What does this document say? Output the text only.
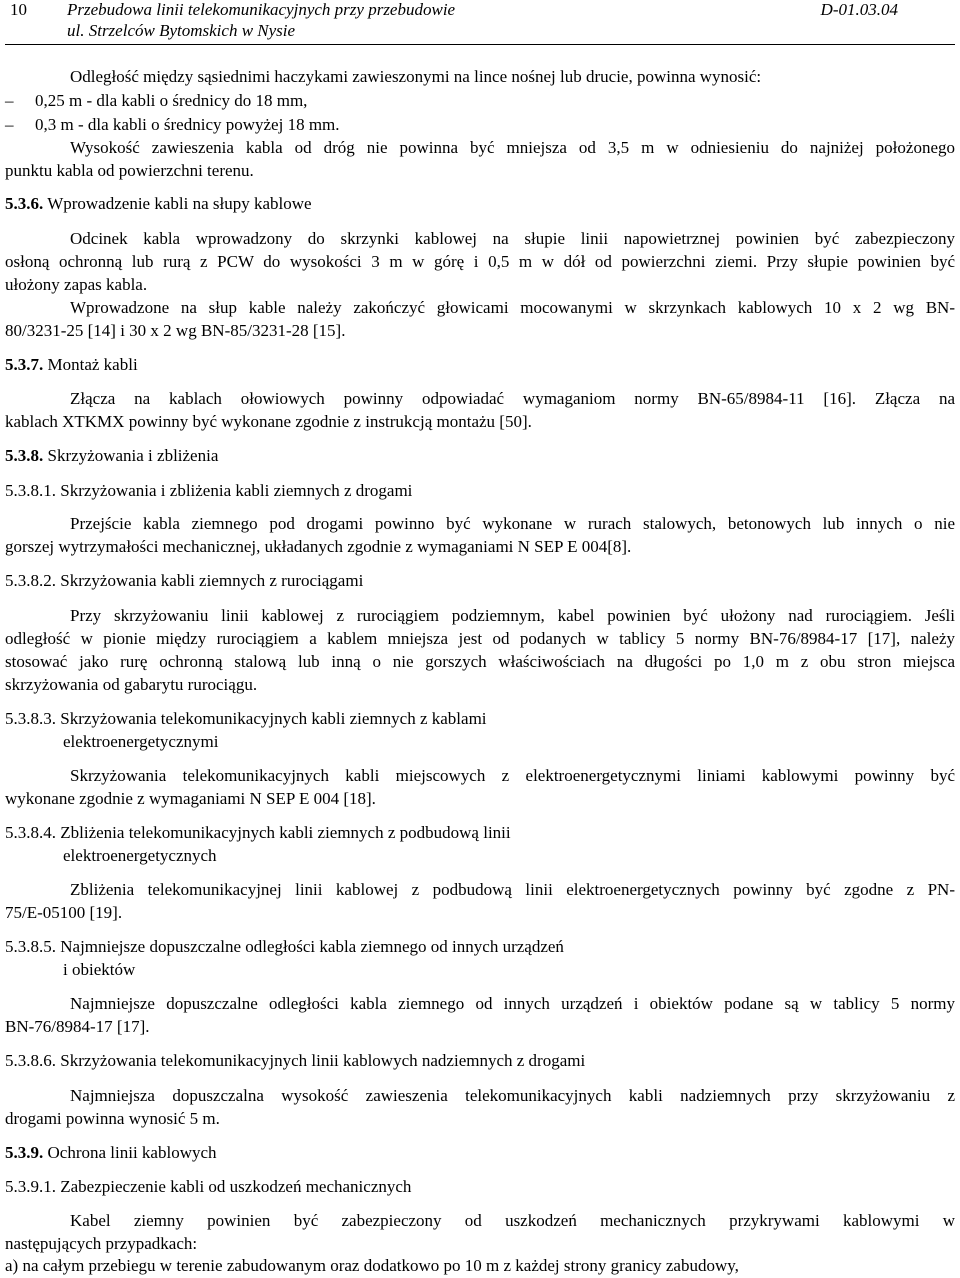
10 Przebudowa linii telekomunikacyjnych przy przebudowie
ul. Strzelców Bytomskich w Nysie
D-01.03.04
Odległość między sąsiednimi haczykami zawieszonymi na lince nośnej lub drucie, powinna wynosić:
–	0,25 m - dla kabli o średnicy do 18 mm,
–	0,3 m - dla kabli o średnicy powyżej 18 mm.
Wysokość zawieszenia kabla od dróg nie powinna być mniejsza od 3,5 m w odniesieniu do najniżej położonego
punktu kabla od powierzchni terenu.
5.3.6. Wprowadzenie kabli na słupy kablowe
Odcinek kabla wprowadzony do skrzynki kablowej na słupie linii napowietrznej powinien być zabezpieczony
osłoną ochronną lub rurą z PCW do wysokości 3 m w górę i 0,5 m w dół od powierzchni ziemi. Przy słupie powinien być
ułożony zapas kabla.
Wprowadzone na słup kable należy zakończyć głowicami mocowanymi w skrzynkach kablowych 10 x 2 wg BN-
80/3231-25 [14] i 30 x 2 wg BN-85/3231-28 [15].
5.3.7. Montaż kabli
Złącza na kablach ołowiowych powinny odpowiadać wymaganiom normy BN-65/8984-11 [16]. Złącza na
kablach XTKMX powinny być wykonane zgodnie z instrukcją montażu [50].
5.3.8. Skrzyżowania i zbliżenia
5.3.8.1. Skrzyżowania i zbliżenia kabli ziemnych z drogami
Przejście kabla ziemnego pod drogami powinno być wykonane w rurach stalowych, betonowych lub innych o nie
gorszej wytrzymałości mechanicznej, układanych zgodnie z wymaganiami N SEP E 004[8].
5.3.8.2. Skrzyżowania kabli ziemnych z rurociągami
Przy skrzyżowaniu linii kablowej z rurociągiem podziemnym, kabel powinien być ułożony nad rurociągiem. Jeśli
odległość w pionie między rurociągiem a kablem mniejsza jest od podanych w tablicy 5 normy BN-76/8984-17 [17], należy
stosować jako rurę ochronną stalową lub inną o nie gorszych właściwościach na długości po 1,0 m z obu stron miejsca
skrzyżowania od gabarytu rurociągu.
5.3.8.3. Skrzyżowania telekomunikacyjnych kabli ziemnych z kablami
elektroenergetycznymi
Skrzyżowania telekomunikacyjnych kabli miejscowych z elektroenergetycznymi liniami kablowymi powinny być
wykonane zgodnie z wymaganiami N SEP E 004 [18].
5.3.8.4. Zbliżenia telekomunikacyjnych kabli ziemnych z podbudową linii
elektroenergetycznych
Zbliżenia telekomunikacyjnej linii kablowej z podbudową linii elektroenergetycznych powinny być zgodne z PN-
75/E-05100 [19].
5.3.8.5. Najmniejsze dopuszczalne odległości kabla ziemnego od innych urządzeń
i obiektów
Najmniejsze dopuszczalne odległości kabla ziemnego od innych urządzeń i obiektów podane są w tablicy 5 normy
BN-76/8984-17 [17].
5.3.8.6. Skrzyżowania telekomunikacyjnych linii kablowych nadziemnych z drogami
Najmniejsza dopuszczalna wysokość zawieszenia telekomunikacyjnych kabli nadziemnych przy skrzyżowaniu z
drogami powinna wynosić 5 m.
5.3.9. Ochrona linii kablowych
5.3.9.1. Zabezpieczenie kabli od uszkodzeń mechanicznych
Kabel ziemny powinien być zabezpieczony od uszkodzeń mechanicznych przykrywami kablowymi w
następujących przypadkach:
a) na całym przebiegu w terenie zabudowanym oraz dodatkowo po 10 m z każdej strony granicy zabudowy,
